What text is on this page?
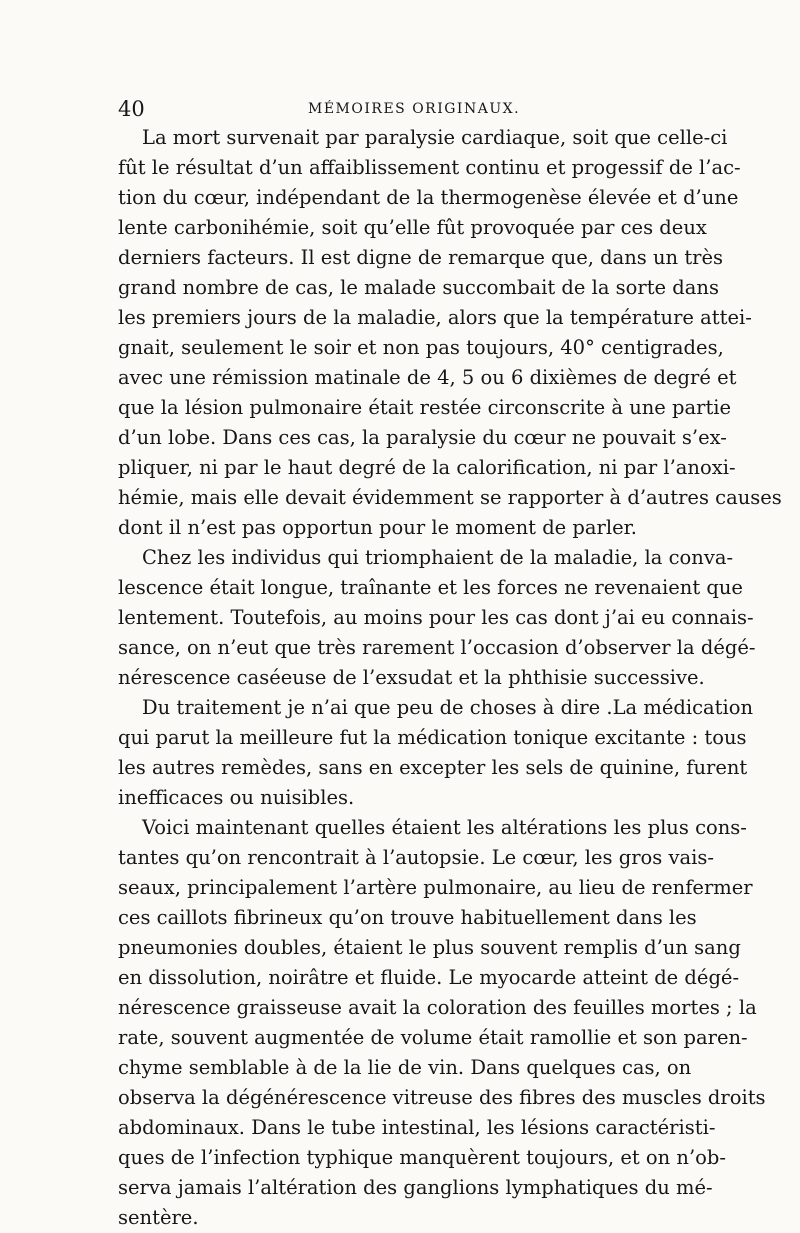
40	MÉMOIRES ORIGINAUX.
La mort survenait par paralysie cardiaque, soit que celle-ci
fût le résultat d’un affaiblissement continu et progessif de l’ac-
tion du cœur, indépendant de la thermogenèse élevée et d’une
lente carbonihémie, soit qu’elle fût provoquée par ces deux
derniers facteurs. Il est digne de remarque que, dans un très
grand nombre de cas, le malade succombait de la sorte dans
les premiers jours de la maladie, alors que la température attei-
gnait, seulement le soir et non pas toujours, 40° centigrades,
avec une rémission matinale de 4, 5 ou 6 dixièmes de degré et
que la lésion pulmonaire était restée circonscrite à une partie
d’un lobe. Dans ces cas, la paralysie du cœur ne pouvait s’ex-
pliquer, ni par le haut degré de la calorification, ni par l’anoxi-
hémie, mais elle devait évidemment se rapporter à d’autres causes
dont il n’est pas opportun pour le moment de parler.
Chez les individus qui triomphaient de la maladie, la conva-
lescence était longue, traînante et les forces ne revenaient que
lentement. Toutefois, au moins pour les cas dont j’ai eu connais-
sance, on n’eut que très rarement l’occasion d’observer la dégé-
nérescence caséeuse de l’exsudat et la phthisie successive.
Du traitement je n’ai que peu de choses à dire .La médication
qui parut la meilleure fut la médication tonique excitante : tous
les autres remèdes, sans en excepter les sels de quinine, furent
inefficaces ou nuisibles.
Voici maintenant quelles étaient les altérations les plus cons-
tantes qu’on rencontrait à l’autopsie. Le cœur, les gros vais-
seaux, principalement l’artère pulmonaire, au lieu de renfermer
ces caillots fibrineux qu’on trouve habituellement dans les
pneumonies doubles, étaient le plus souvent remplis d’un sang
en dissolution, noirâtre et fluide. Le myocarde atteint de dégé-
nérescence graisseuse avait la coloration des feuilles mortes ; la
rate, souvent augmentée de volume était ramollie et son paren-
chyme semblable à de la lie de vin. Dans quelques cas, on
observa la dégénérescence vitreuse des fibres des muscles droits
abdominaux. Dans le tube intestinal, les lésions caractéristi-
ques de l’infection typhique manquèrent toujours, et on n’ob-
serva jamais l’altération des ganglions lymphatiques du mé-
sentère.
